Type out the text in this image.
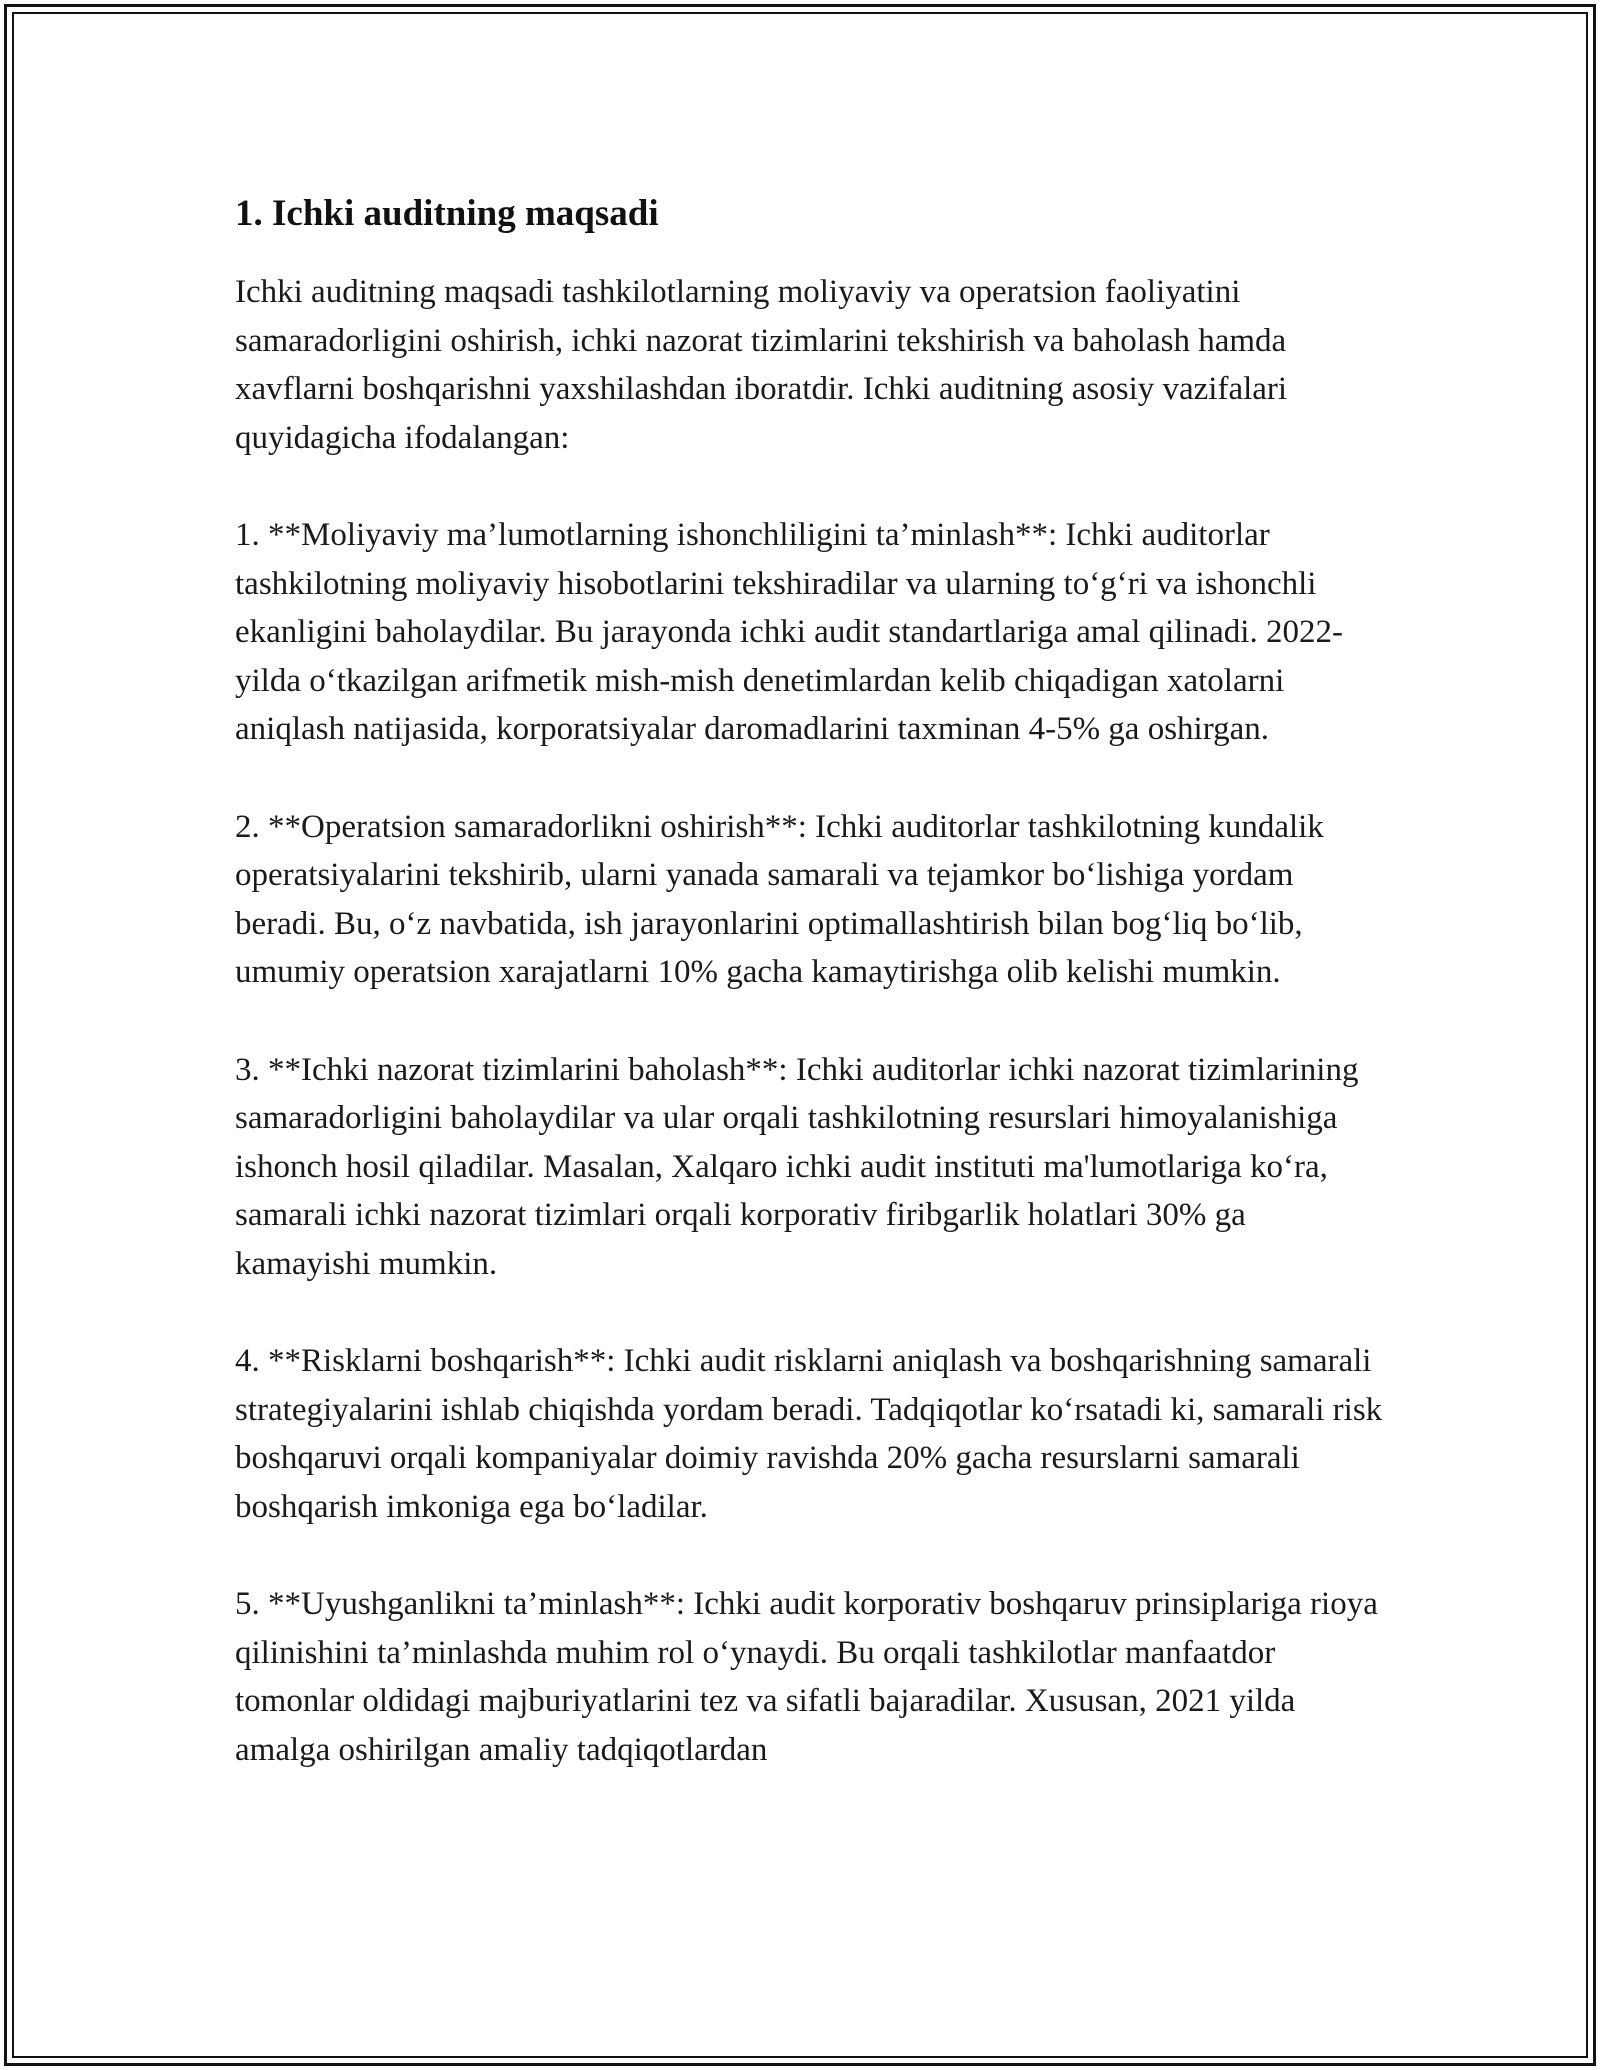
1. Ichki auditning maqsadi

Ichki auditning maqsadi tashkilotlarning moliyaviy va operatsion faoliyatini samaradorligini oshirish, ichki nazorat tizimlarini tekshirish va baholash hamda xavflarni boshqarishni yaxshilashdan iboratdir. Ichki auditning asosiy vazifalari quyidagicha ifodalangan:

1. **Moliyaviy ma’lumotlarning ishonchliligini ta’minlash**: Ichki auditorlar tashkilotning moliyaviy hisobotlarini tekshiradilar va ularning to‘g‘ri va ishonchli ekanligini baholaydilar. Bu jarayonda ichki audit standartlariga amal qilinadi. 2022-yilda o‘tkazilgan arifmetik mish-mish denetimlardan kelib chiqadigan xatolarni aniqlash natijasida, korporatsiyalar daromadlarini taxminan 4-5% ga oshirgan.

2. **Operatsion samaradorlikni oshirish**: Ichki auditorlar tashkilotning kundalik operatsiyalarini tekshirib, ularni yanada samarali va tejamkor bo‘lishiga yordam beradi. Bu, o‘z navbatida, ish jarayonlarini optimallashtirish bilan bog‘liq bo‘lib, umumiy operatsion xarajatlarni 10% gacha kamaytirishga olib kelishi mumkin.

3. **Ichki nazorat tizimlarini baholash**: Ichki auditorlar ichki nazorat tizimlarining samaradorligini baholaydilar va ular orqali tashkilotning resurslari himoyalanishiga ishonch hosil qiladilar. Masalan, Xalqaro ichki audit instituti ma'lumotlariga ko‘ra, samarali ichki nazorat tizimlari orqali korporativ firibgarlik holatlari 30% ga kamayishi mumkin.

4. **Risklarni boshqarish**: Ichki audit risklarni aniqlash va boshqarishning samarali strategiyalarini ishlab chiqishda yordam beradi. Tadqiqotlar ko‘rsatadi ki, samarali risk boshqaruvi orqali kompaniyalar doimiy ravishda 20% gacha resurslarni samarali boshqarish imkoniga ega bo‘ladilar.

5. **Uyushganlikni ta’minlash**: Ichki audit korporativ boshqaruv prinsiplariga rioya qilinishini ta’minlashda muhim rol o‘ynaydi. Bu orqali tashkilotlar manfaatdor tomonlar oldidagi majburiyatlarini tez va sifatli bajaradilar. Xususan, 2021 yilda amalga oshirilgan amaliy tadqiqotlardan
